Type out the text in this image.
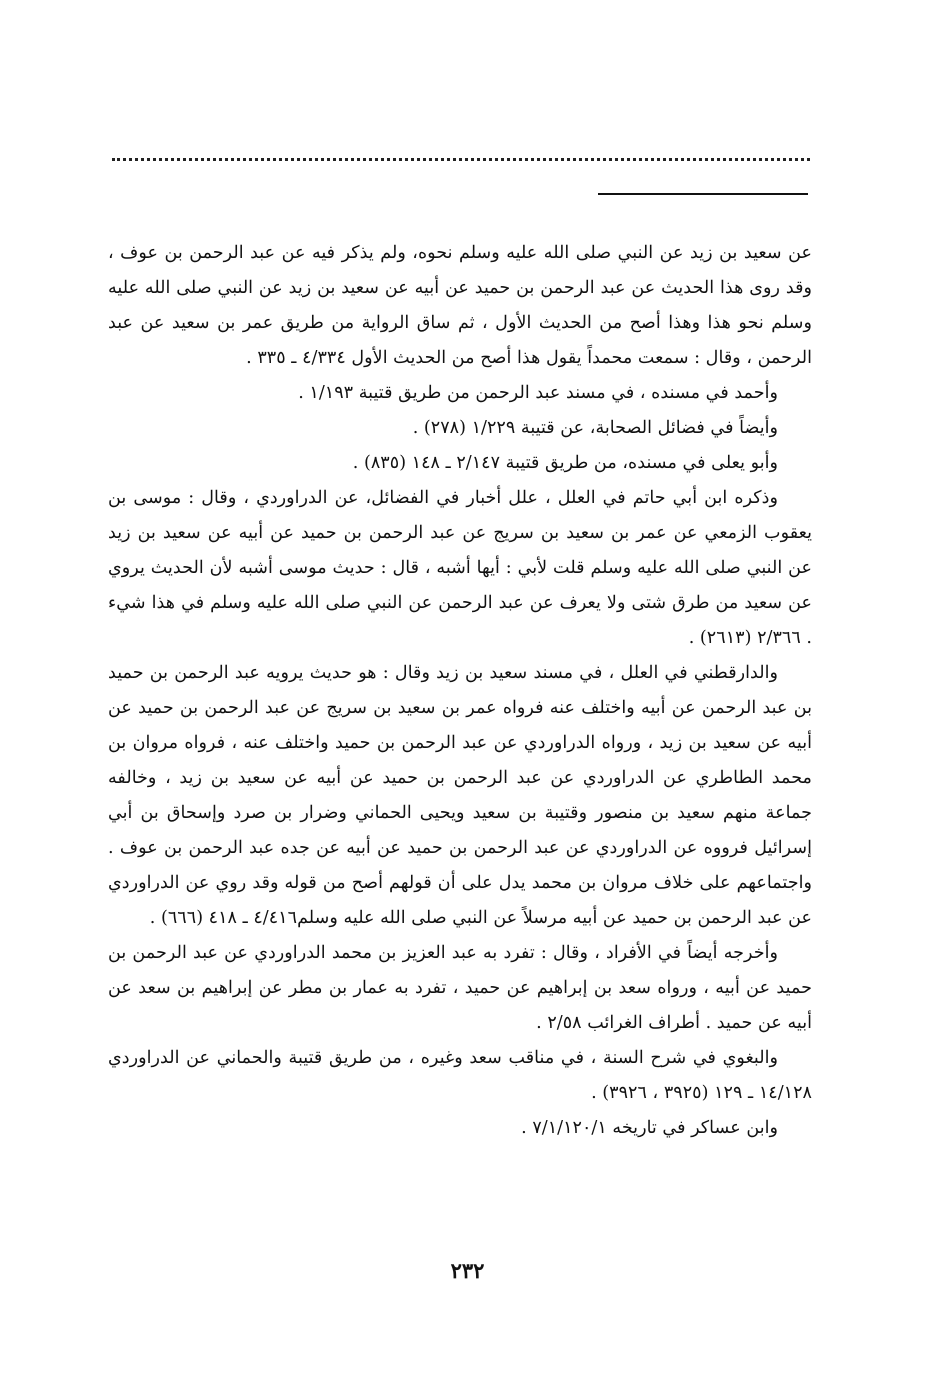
عن سعيد بن زيد عن النبي صلى الله عليه وسلم نحوه، ولم يذكر فيه عن عبد الرحمن بن عوف ، وقد روى هذا الحديث عن عبد الرحمن بن حميد عن أبيه عن سعيد بن زيد عن النبي صلى الله عليه وسلم نحو هذا وهذا أصح من الحديث الأول ، ثم ساق الرواية من طريق عمر بن سعيد عن عبد الرحمن ، وقال : سمعت محمداً يقول هذا أصح من الحديث الأول ٤/٣٣٤ ـ ٣٣٥ .

وأحمد في مسنده ، في مسند عبد الرحمن من طريق قتيبة ١/١٩٣ .

وأيضاً في فضائل الصحابة، عن قتيبة ١/٢٢٩ (٢٧٨) .

وأبو يعلى في مسنده، من طريق قتيبة ٢/١٤٧ ـ ١٤٨ (٨٣٥) .

وذكره ابن أبي حاتم في العلل ، علل أخبار في الفضائل، عن الدراوردي ، وقال : موسى بن يعقوب الزمعي عن عمر بن سعيد بن سريج عن عبد الرحمن بن حميد عن أبيه عن سعيد بن زيد عن النبي صلى الله عليه وسلم قلت لأبي : أيها أشبه ، قال : حديث موسى أشبه لأن الحديث يروي عن سعيد من طرق شتى ولا يعرف عن عبد الرحمن عن النبي صلى الله عليه وسلم في هذا شيء . ٢/٣٦٦ (٢٦١٣) .

والدارقطني في العلل ، في مسند سعيد بن زيد وقال : هو حديث يرويه عبد الرحمن بن حميد بن عبد الرحمن عن أبيه واختلف عنه فرواه عمر بن سعيد بن سريج عن عبد الرحمن بن حميد عن أبيه عن سعيد بن زيد ، ورواه الدراوردي عن عبد الرحمن بن حميد واختلف عنه ، فرواه مروان بن محمد الطاطري عن الدراوردي عن عبد الرحمن بن حميد عن أبيه عن سعيد بن زيد ، وخالفه جماعة منهم سعيد بن منصور وقتيبة بن سعيد ويحيى الحماني وضرار بن صرد وإسحاق بن أبي إسرائيل فرووه عن الدراوردي عن عبد الرحمن بن حميد عن أبيه عن جده عبد الرحمن بن عوف . واجتماعهم على خلاف مروان بن محمد يدل على أن قولهم أصح من قوله وقد روي عن الدراوردي عن عبد الرحمن بن حميد عن أبيه مرسلاً عن النبي صلى الله عليه وسلم٤/٤١٦ ـ ٤١٨ (٦٦٦) .

وأخرجه أيضاً في الأفراد ، وقال : تفرد به عبد العزيز بن محمد الدراوردي عن عبد الرحمن بن حميد عن أبيه ، ورواه سعد بن إبراهيم عن حميد ، تفرد به عمار بن مطر عن إبراهيم بن سعد عن أبيه عن حميد . أطراف الغرائب ٢/٥٨ .

والبغوي في شرح السنة ، في مناقب سعد وغيره ، من طريق قتيبة والحماني عن الدراوردي ١٤/١٢٨ ـ ١٢٩ (٣٩٢٥ ، ٣٩٢٦) .

وابن عساكر في تاريخه ٧/١/١٢٠/١ .

٢٣٢
